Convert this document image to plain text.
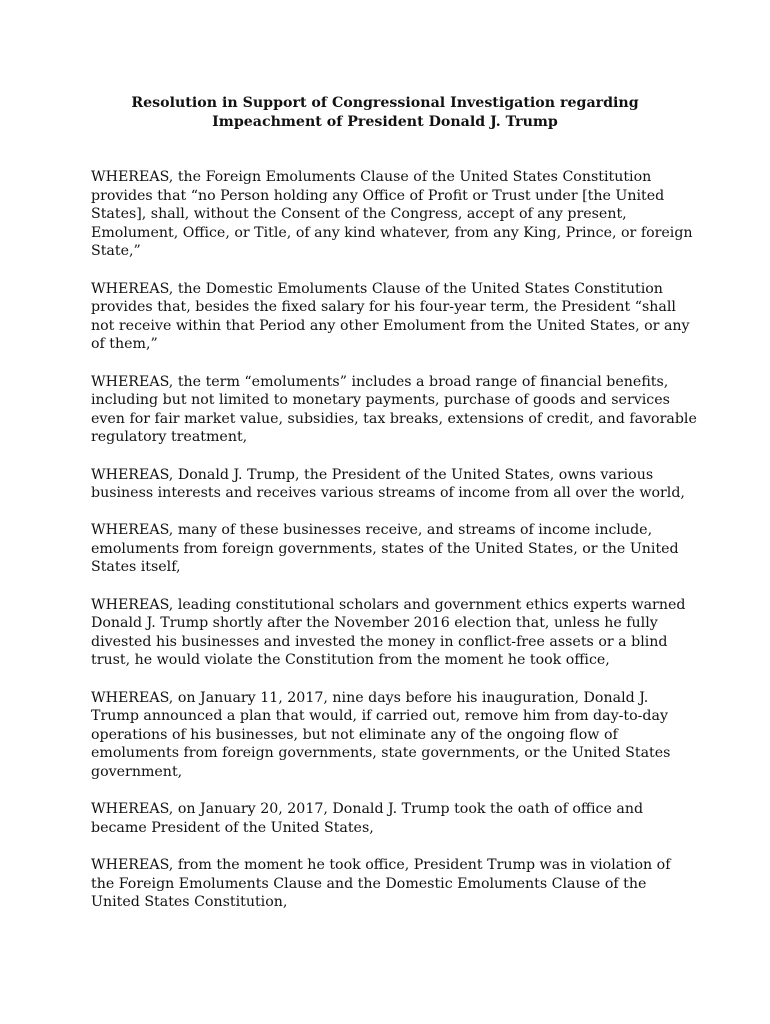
Resolution in Support of Congressional Investigation regarding
Impeachment of President Donald J. Trump

WHEREAS, the Foreign Emoluments Clause of the United States Constitution
provides that “no Person holding any Office of Profit or Trust under [the United
States], shall, without the Consent of the Congress, accept of any present,
Emolument, Office, or Title, of any kind whatever, from any King, Prince, or foreign
State,”

WHEREAS, the Domestic Emoluments Clause of the United States Constitution
provides that, besides the fixed salary for his four-year term, the President “shall
not receive within that Period any other Emolument from the United States, or any
of them,”

WHEREAS, the term “emoluments” includes a broad range of financial benefits,
including but not limited to monetary payments, purchase of goods and services
even for fair market value, subsidies, tax breaks, extensions of credit, and favorable
regulatory treatment,

WHEREAS, Donald J. Trump, the President of the United States, owns various
business interests and receives various streams of income from all over the world,

WHEREAS, many of these businesses receive, and streams of income include,
emoluments from foreign governments, states of the United States, or the United
States itself,

WHEREAS, leading constitutional scholars and government ethics experts warned
Donald J. Trump shortly after the November 2016 election that, unless he fully
divested his businesses and invested the money in conflict-free assets or a blind
trust, he would violate the Constitution from the moment he took office,

WHEREAS, on January 11, 2017, nine days before his inauguration, Donald J.
Trump announced a plan that would, if carried out, remove him from day-to-day
operations of his businesses, but not eliminate any of the ongoing flow of
emoluments from foreign governments, state governments, or the United States
government,

WHEREAS, on January 20, 2017, Donald J. Trump took the oath of office and
became President of the United States,

WHEREAS, from the moment he took office, President Trump was in violation of
the Foreign Emoluments Clause and the Domestic Emoluments Clause of the
United States Constitution,
